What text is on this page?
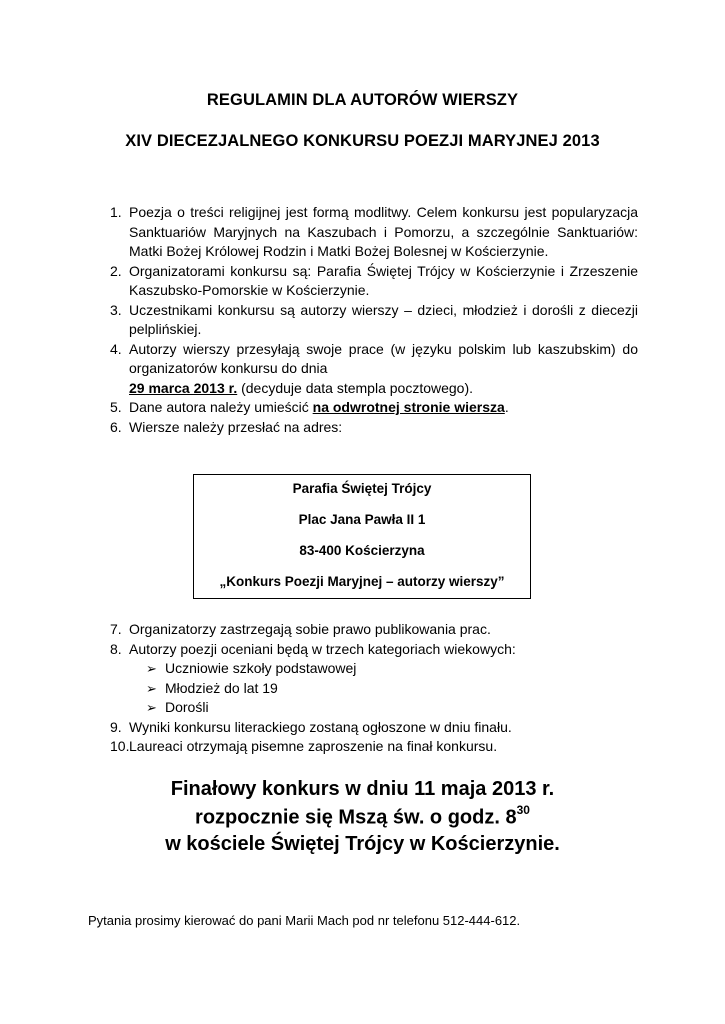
REGULAMIN DLA AUTORÓW WIERSZY
XIV DIECEZJALNEGO KONKURSU POEZJI MARYJNEJ 2013
1. Poezja o treści religijnej jest formą modlitwy. Celem konkursu jest popularyzacja Sanktuariów Maryjnych na Kaszubach i Pomorzu, a szczególnie Sanktuariów: Matki Bożej Królowej Rodzin i Matki Bożej Bolesnej w Kościerzynie.
2. Organizatorami konkursu są: Parafia Świętej Trójcy w Kościerzynie i Zrzeszenie Kaszubsko-Pomorskie w Kościerzynie.
3. Uczestnikami konkursu są autorzy wierszy – dzieci, młodzież i dorośli z diecezji pelplińskiej.
4. Autorzy wierszy przesyłają swoje prace (w języku polskim lub kaszubskim) do organizatorów konkursu do dnia
29 marca 2013 r. (decyduje data stempla pocztowego).
5. Dane autora należy umieścić na odwrotnej stronie wiersza.
6. Wiersze należy przesłać na adres:
Parafia Świętej Trójcy
Plac Jana Pawła II 1
83-400 Kościerzyna
„Konkurs Poezji Maryjnej – autorzy wierszy”
7. Organizatorzy zastrzegają sobie prawo publikowania prac.
8. Autorzy poezji oceniani będą w trzech kategoriach wiekowych:
➢ Uczniowie szkoły podstawowej
➢ Młodzież do lat 19
➢ Dorośli
9. Wyniki konkursu literackiego zostaną ogłoszone w dniu finału.
10. Laureaci otrzymają pisemne zaproszenie na finał konkursu.
Finałowy konkurs w dniu 11 maja 2013 r.
rozpocznie się Mszą św. o godz. $8^{30}$
w kościele Świętej Trójcy w Kościerzynie.
Pytania prosimy kierować do pani Marii Mach pod nr telefonu 512-444-612.
